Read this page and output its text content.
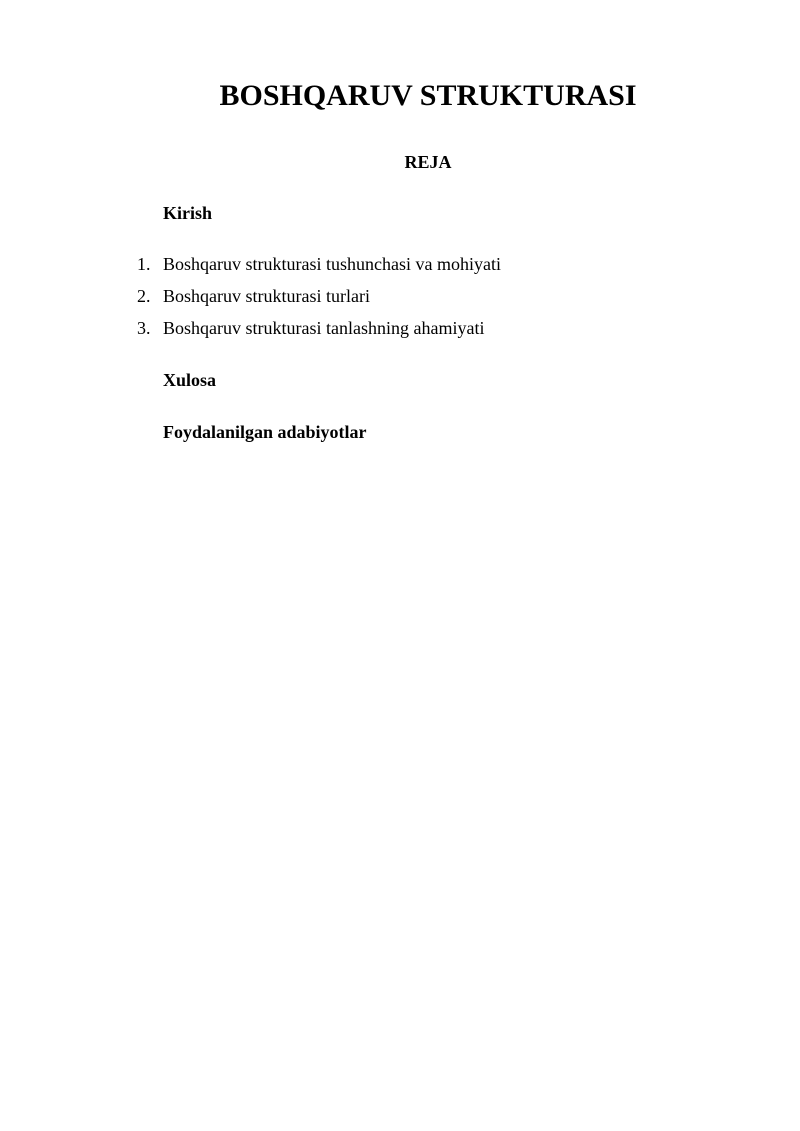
BOSHQARUV STRUKTURASI
REJA

Kirish

1. Boshqaruv strukturasi tushunchasi va mohiyati
2. Boshqaruv strukturasi turlari
3. Boshqaruv strukturasi tanlashning ahamiyati

Xulosa

Foydalanilgan adabiyotlar
